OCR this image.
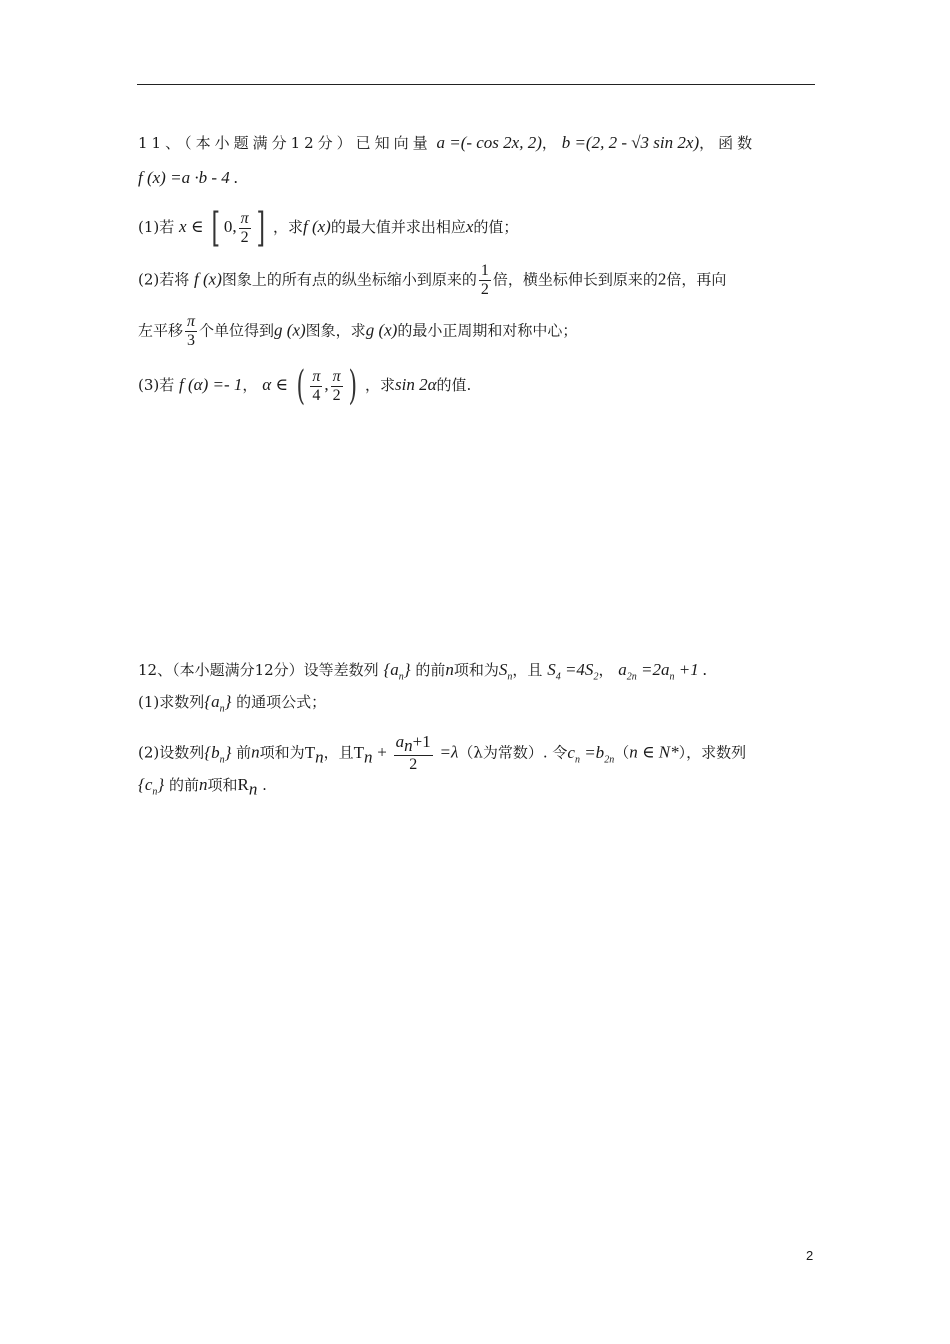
11、（本小题满分12分）已知向量 a =(- cos 2x, 2)， b =(2, 2 - √3 sin 2x)，函数
f (x) =a ·b - 4 .
(1)若 x ∈ [ 0, $\frac{\pi}{2}$ ] ，求f (x)的最大值并求出相应x的值；
(2)若将 f (x)图象上的所有点的纵坐标缩小到原来的 $\frac{1}{2}$ 倍，横坐标伸长到原来的2倍，再向
左平移 $\frac{\pi}{3}$ 个单位得到g (x)图象，求g (x)的最小正周期和对称中心；
(3)若 f (α) =- 1， α ∈ ( $\frac{\pi}{4}$ , $\frac{\pi}{2}$ ) ，求sin 2α的值.
12、（本小题满分12分）设等差数列 $\{a_n\}$ 的前n项和为$S_n$，且 $S_4 =4S_2$， $a_{2n} =2a_n +1$ .
(1)求数列$\{a_n\}$ 的通项公式；
(2)设数列$\{b_n\}$ 前n项和为$T_n$，且$T_n + \frac{a_n+1}{2} =\lambda(\lambda$为常数）. 令$c_n =b_{2n}(n$ ∈ N*），求数列
$\{c_n\}$ 的前n项和$R_n$ .
2
